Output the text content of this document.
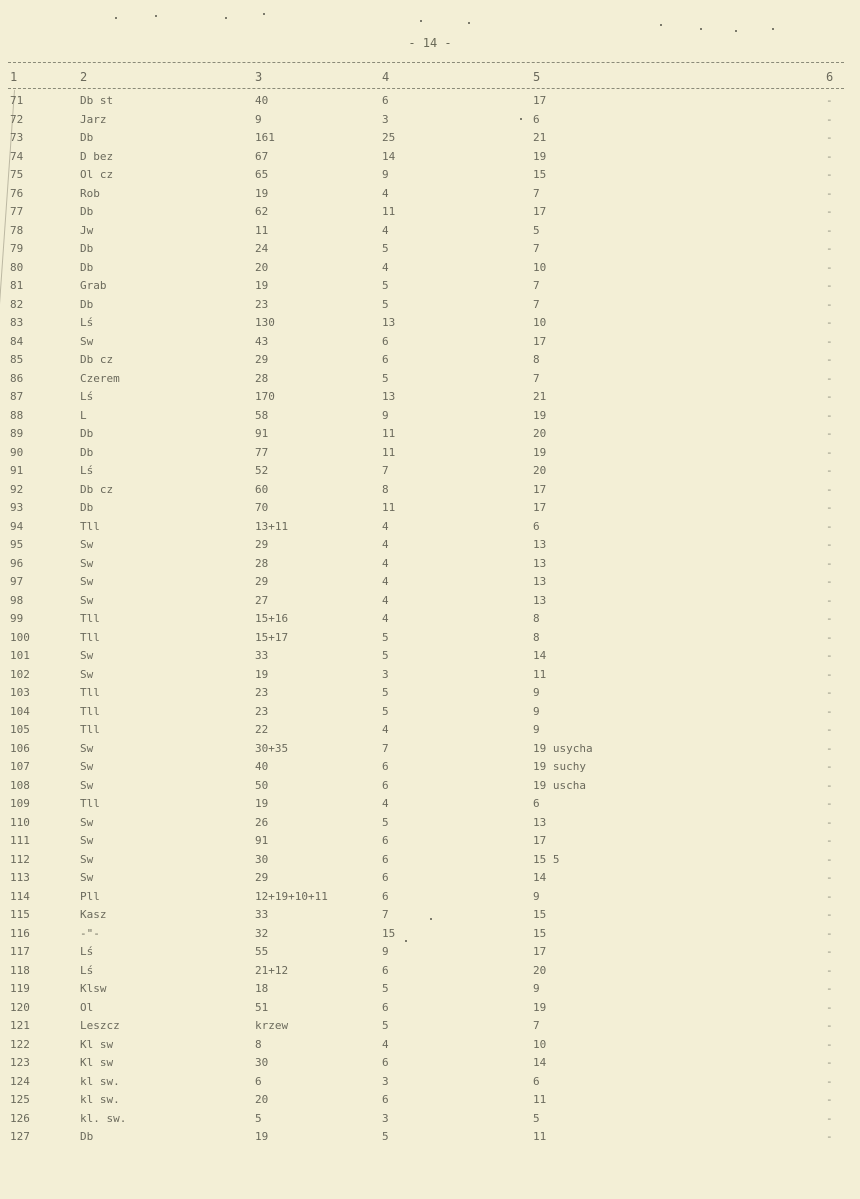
- 14 -
1	2	3	4	5	6
71	Db st	40	6	17	-
72	Jarz	9	3	6	-
73	Db	161	25	21	-
74	D bez	67	14	19	-
75	Ol cz	65	9	15	-
76	Rob	19	4	7	-
77	Db	62	11	17	-
78	Jw	11	4	5	-
79	Db	24	5	7	-
80	Db	20	4	10	-
81	Grab	19	5	7	-
82	Db	23	5	7	-
83	Lś	130	13	10	-
84	Sw	43	6	17	-
85	Db cz	29	6	8	-
86	Czerem	28	5	7	-
87	Lś	170	13	21	-
88	L	58	9	19	-
89	Db	91	11	20	-
90	Db	77	11	19	-
91	Lś	52	7	20	-
92	Db cz	60	8	17	-
93	Db	70	11	17	-
94	Tll	13+11	4	6	-
95	Sw	29	4	13	-
96	Sw	28	4	13	-
97	Sw	29	4	13	-
98	Sw	27	4	13	-
99	Tll	15+16	4	8	-
100	Tll	15+17	5	8	-
101	Sw	33	5	14	-
102	Sw	19	3	11	-
103	Tll	23	5	9	-
104	Tll	23	5	9	-
105	Tll	22	4	9	-
106	Sw	30+35	7	19 usycha	-
107	Sw	40	6	19 suchy	-
108	Sw	50	6	19 uscha	-
109	Tll	19	4	6	-
110	Sw	26	5	13	-
111	Sw	91	6	17	-
112	Sw	30	6	15 5	-
113	Sw	29	6	14	-
114	Pll	12+19+10+11	6	9	-
115	Kasz	33	7	15	-
116	-"-	32	15	15	-
117	Lś	55	9	17	-
118	Lś	21+12	6	20	-
119	Klsw	18	5	9	-
120	Ol	51	6	19	-
121	Leszcz	krzew	5	7	-
122	Kl sw	8	4	10	-
123	Kl sw	30	6	14	-
124	kl sw.	6	3	6	-
125	kl sw.	20	6	11	-
126	kl. sw.	5	3	5	-
127	Db	19	5	11	-
